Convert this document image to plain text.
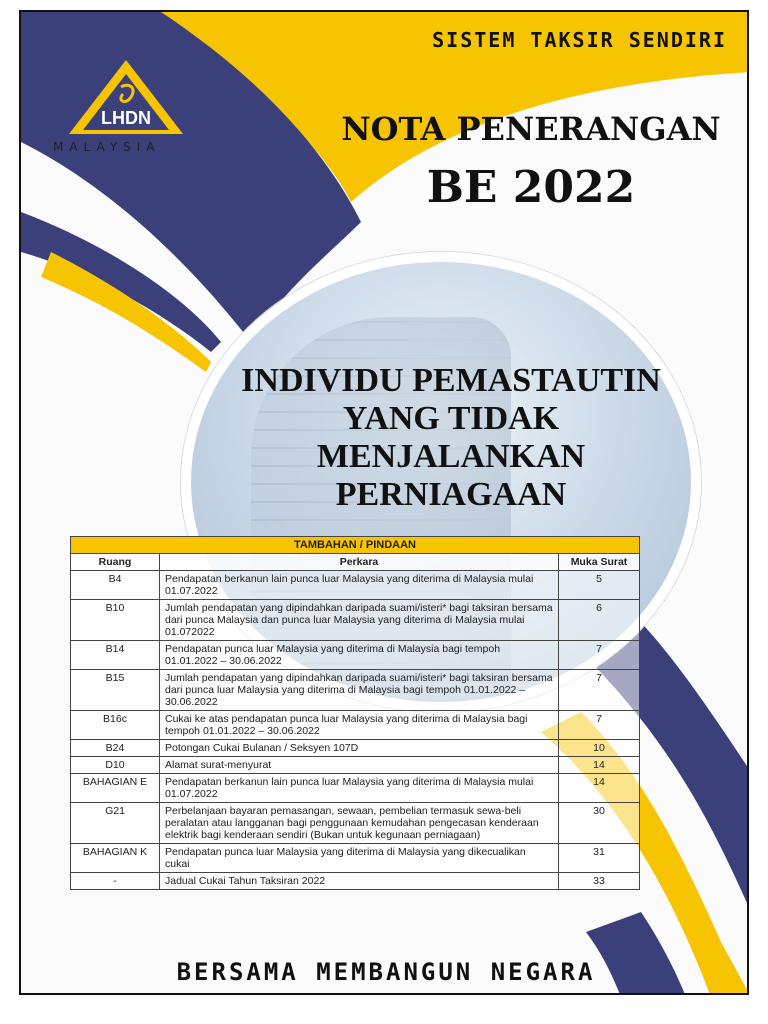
LHDN
MALAYSIA
SISTEM TAKSIR SENDIRI
NOTA PENERANGAN
BE 2022
INDIVIDU PEMASTAUTIN
YANG TIDAK
MENJALANKAN
PERNIAGAAN
TAMBAHAN / PINDAAN		
Ruang	Perkara	Muka Surat
B4	Pendapatan berkanun lain punca luar Malaysia yang diterima di Malaysia mulai 01.07.2022	5
B10	Jumlah pendapatan yang dipindahkan daripada suami/isteri* bagi taksiran bersama dari punca Malaysia dan punca luar Malaysia yang diterima di Malaysia mulai 01.072022	6
B14	Pendapatan punca luar Malaysia yang diterima di Malaysia bagi tempoh 01.01.2022 – 30.06.2022	7
B15	Jumlah pendapatan yang dipindahkan daripada suami/isteri* bagi taksiran bersama dari punca luar Malaysia yang diterima di Malaysia bagi tempoh 01.01.2022 – 30.06.2022	7
B16c	Cukai ke atas pendapatan punca luar Malaysia yang diterima di Malaysia bagi tempoh 01.01.2022 – 30.06.2022	7
B24	Potongan Cukai Bulanan / Seksyen 107D	10
D10	Alamat surat-menyurat	14
BAHAGIAN E	Pendapatan berkanun lain punca luar Malaysia yang diterima di Malaysia mulai 01.07.2022	14
G21	Perbelanjaan bayaran pemasangan, sewaan, pembelian termasuk sewa-beli peralatan atau langganan bagi penggunaan kemudahan pengecasan kenderaan elektrik bagi kenderaan sendiri (Bukan untuk kegunaan perniagaan)	30
BAHAGIAN K	Pendapatan punca luar Malaysia yang diterima di Malaysia yang dikecualikan cukai	31
-	Jadual Cukai Tahun Taksiran 2022	33
BERSAMA MEMBANGUN NEGARA
